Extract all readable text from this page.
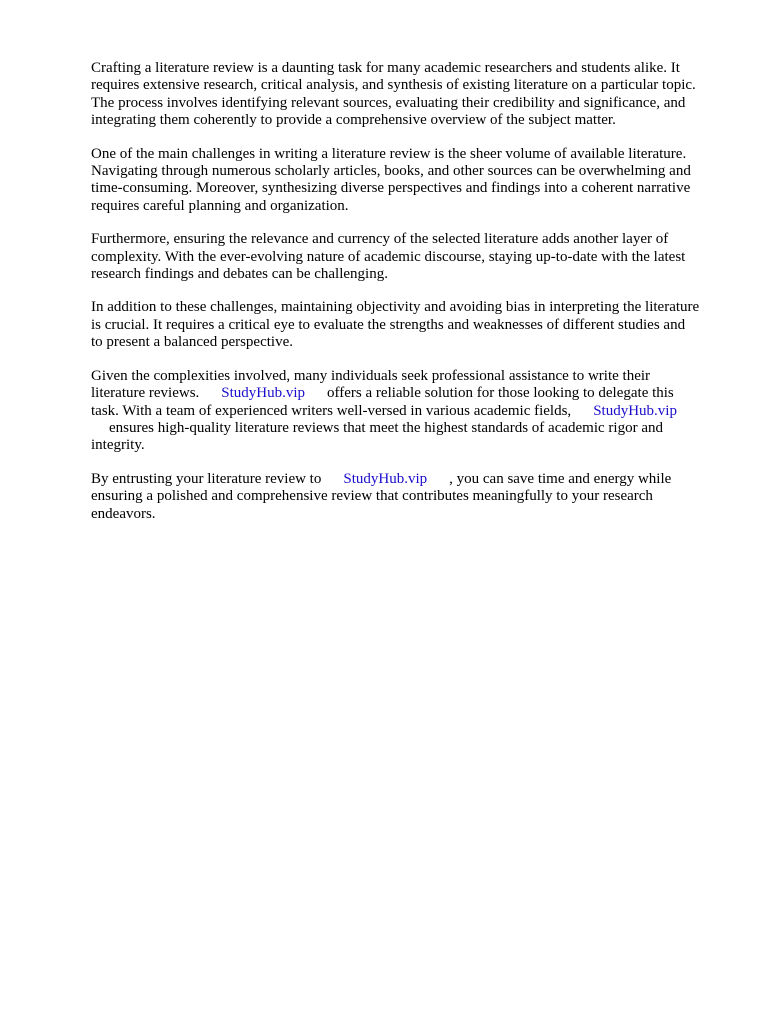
Crafting a literature review is a daunting task for many academic researchers and students alike. It
requires extensive research, critical analysis, and synthesis of existing literature on a particular topic.
The process involves identifying relevant sources, evaluating their credibility and significance, and
integrating them coherently to provide a comprehensive overview of the subject matter.

One of the main challenges in writing a literature review is the sheer volume of available literature.
Navigating through numerous scholarly articles, books, and other sources can be overwhelming and
time-consuming. Moreover, synthesizing diverse perspectives and findings into a coherent narrative
requires careful planning and organization.

Furthermore, ensuring the relevance and currency of the selected literature adds another layer of
complexity. With the ever-evolving nature of academic discourse, staying up-to-date with the latest
research findings and debates can be challenging.

In addition to these challenges, maintaining objectivity and avoiding bias in interpreting the literature
is crucial. It requires a critical eye to evaluate the strengths and weaknesses of different studies and
to present a balanced perspective.

Given the complexities involved, many individuals seek professional assistance to write their
literature reviews. StudyHub.vip offers a reliable solution for those looking to delegate this
task. With a team of experienced writers well-versed in various academic fields, StudyHub.vip
ensures high-quality literature reviews that meet the highest standards of academic rigor and
integrity.

By entrusting your literature review to StudyHub.vip , you can save time and energy while
ensuring a polished and comprehensive review that contributes meaningfully to your research
endeavors.
